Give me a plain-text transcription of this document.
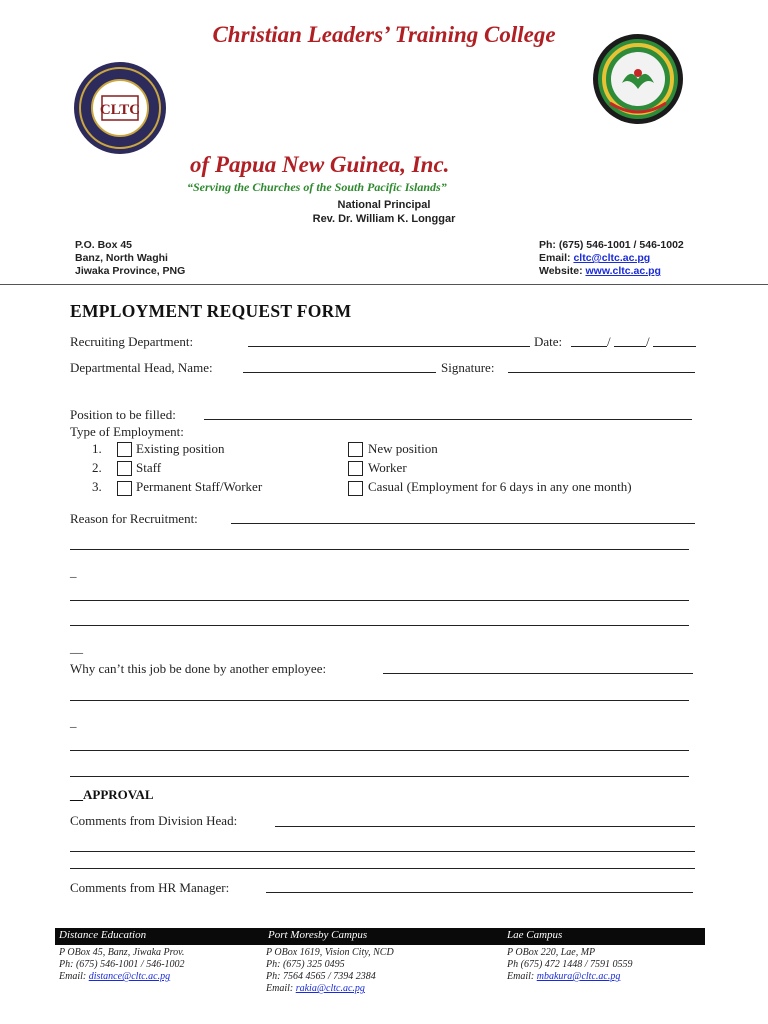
Christian Leaders’ Training College
CLTC
of Papua New Guinea, Inc.
“Serving the Churches of the South Pacific Islands”
National Principal
Rev. Dr. William K. Longgar
P.O. Box 45
Banz, North Waghi
Jiwaka Province, PNG
Ph: (675) 546-1001 / 546-1002
Email: cltc@cltc.ac.pg
Website: www.cltc.ac.pg
EMPLOYMENT REQUEST FORM
Recruiting Department:	Date:	/	/
Departmental Head, Name:	Signature:
Position to be filled:
Type of Employment:
1.	Existing position	New position
2.	Staff	Worker
3.	Permanent Staff/Worker	Casual (Employment for 6 days in any one month)
Reason for Recruitment:
_
__
Why can’t this job be done by another employee:
_
__APPROVAL
Comments from Division Head:
Comments from HR Manager:
Distance Education	Port Moresby Campus	Lae Campus
P OBox 45, Banz, Jiwaka Prov.
Ph: (675) 546-1001 / 546-1002
Email: distance@cltc.ac.pg
P OBox 1619, Vision City, NCD
Ph: (675) 325 0495
Ph: 7564 4565 / 7394 2384
Email: rakia@cltc.ac.pg
P OBox 220, Lae, MP
Ph (675) 472 1448 / 7591 0559
Email: mbakura@cltc.ac.pg
